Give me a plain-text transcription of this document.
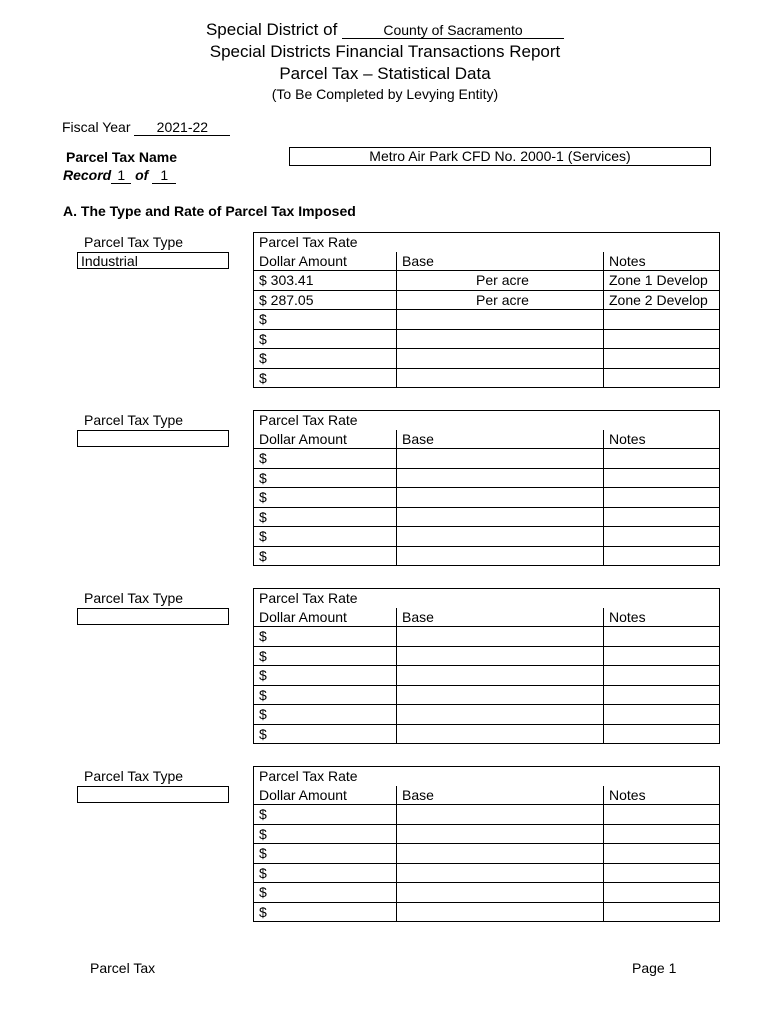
Special District of	County of Sacramento
Special Districts Financial Transactions Report
Parcel Tax – Statistical Data
(To Be Completed by Levying Entity)
Fiscal Year 2021-22
Parcel Tax Name	Metro Air Park CFD No. 2000-1 (Services)
Record 1 of 1
A. The Type and Rate of Parcel Tax Imposed
Parcel Tax Type
Industrial
Parcel Tax Rate		
Dollar Amount	Base	Notes
$ 303.41	Per acre	Zone 1 Develop
$ 287.05	Per acre	Zone 2 Develop
$		
$		
$		
$		
Parcel Tax Type	Parcel Tax Rate		
Dollar Amount	Base	Notes
$		
$		
$		
$		
$		
$		
Parcel Tax Type	Parcel Tax Rate		
Dollar Amount	Base	Notes
$		
$		
$		
$		
$		
$		
Parcel Tax Type	Parcel Tax Rate		
Dollar Amount	Base	Notes
$		
$		
$		
$		
$		
$		
Parcel Tax	Page 1
